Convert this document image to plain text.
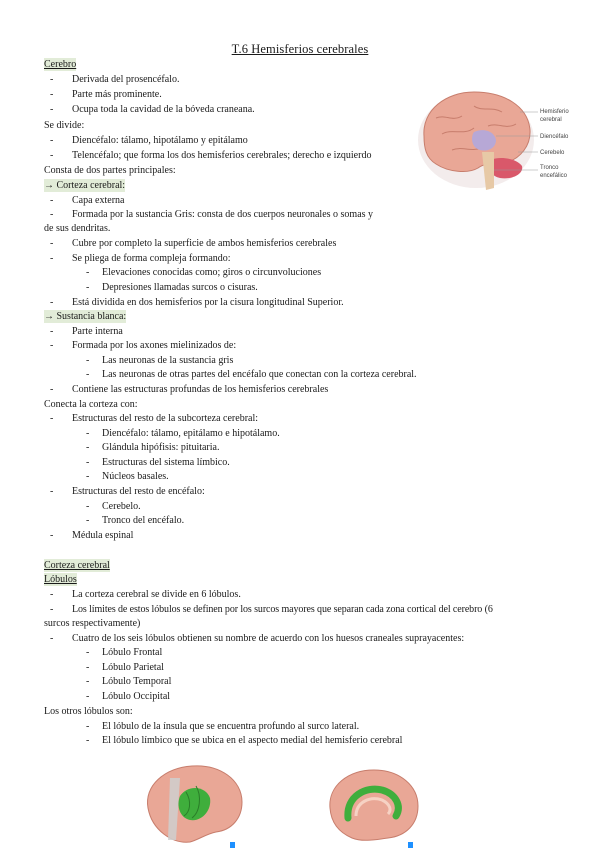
T.6 Hemisferios cerebrales
Cerebro
- Derivada del prosencéfalo.
- Parte más prominente.
- Ocupa toda la cavidad de la bóveda craneana.
Se divide:
- Diencéfalo: tálamo, hipotálamo y epitálamo
- Telencéfalo; que forma los dos hemisferios cerebrales; derecho e izquierdo
Consta de dos partes principales:
→ Corteza cerebral:
- Capa externa
- Formada por la sustancia Gris: consta de dos cuerpos neuronales o somas y
de sus dendritas.
- Cubre por completo la superficie de ambos hemisferios cerebrales
- Se pliega de forma compleja formando:
- Elevaciones conocidas como; giros o circunvoluciones
- Depresiones llamadas surcos o cisuras.
- Está dividida en dos hemisferios por la cisura longitudinal Superior.
→ Sustancia blanca:
- Parte interna
- Formada por los axones mielinizados de:
- Las neuronas de la sustancia gris
- Las neuronas de otras partes del encéfalo que conectan con la corteza cerebral.
- Contiene las estructuras profundas de los hemisferios cerebrales
Conecta la corteza con:
- Estructuras del resto de la subcorteza cerebral:
- Diencéfalo: tálamo, epitálamo e hipotálamo.
- Glándula hipófisis: pituitaria.
- Estructuras del sistema límbico.
- Núcleos basales.
- Estructuras del resto de encéfalo:
- Cerebelo.
- Tronco del encéfalo.
- Médula espinal
Corteza cerebral
Lóbulos
- La corteza cerebral se divide en 6 lóbulos.
- Los límites de estos lóbulos se definen por los surcos mayores que separan cada zona cortical del cerebro (6
surcos respectivamente)
- Cuatro de los seis lóbulos obtienen su nombre de acuerdo con los huesos craneales suprayacentes:
- Lóbulo Frontal
- Lóbulo Parietal
- Lóbulo Temporal
- Lóbulo Occipital
Los otros lóbulos son:
- El lóbulo de la ínsula que se encuentra profundo al surco lateral.
- El lóbulo límbico que se ubica en el aspecto medial del hemisferio cerebral
Hemisferio cerebral
Diencéfalo
Cerebelo
Tronco encefálico
